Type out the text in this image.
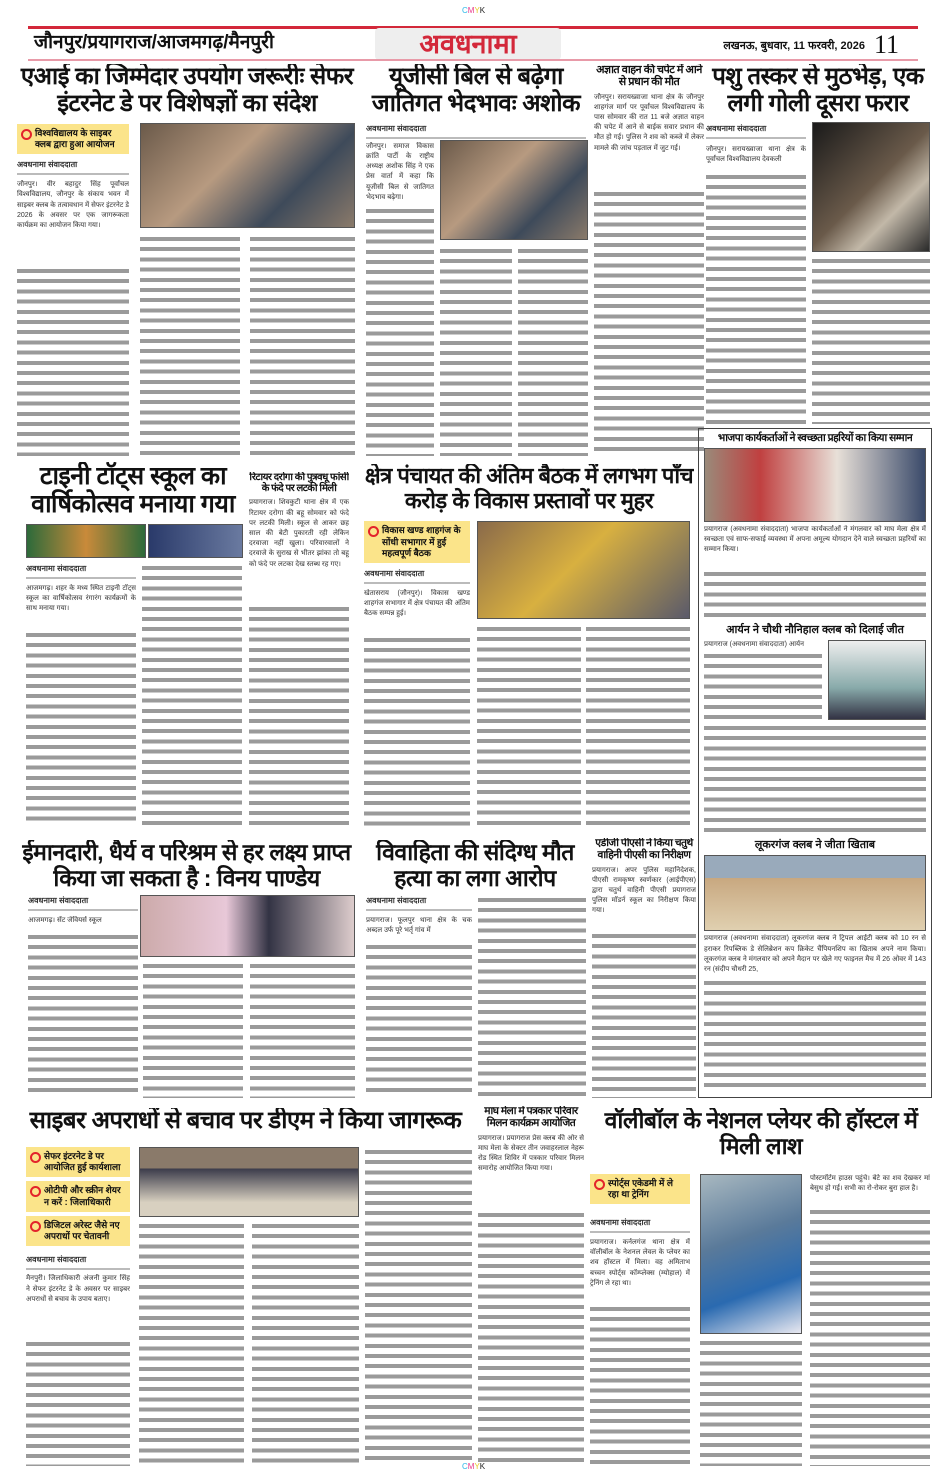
CMYK
जौनपुर/प्रयागराज/आजमगढ़/मैनपुरी	अवधनामा	लखनऊ, बुधवार, 11 फरवरी, 2026 11
एआई का जिम्मेदार उपयोग जरूरीः सेफर इंटरनेट डे पर विशेषज्ञों का संदेश
विश्वविद्यालय के साइबर क्लब द्वारा हुआ आयोजन
अवधनामा संवाददाता
जौनपुर। वीर बहादुर सिंह पूर्वांचल विश्वविद्यालय, जौनपुर के संकाय भवन में साइबर क्लब के तत्वावधान में सेफर इंटरनेट डे 2026 के अवसर पर एक जागरूकता कार्यक्रम का आयोजन किया गया।
यूजीसी बिल से बढ़ेगा जातिगत भेदभावः अशोक
अवधनामा संवाददाता
जौनपुर। समाज विकास क्रांति पार्टी के राष्ट्रीय अध्यक्ष अशोक सिंह ने एक प्रेस वार्ता में कहा कि यूजीसी बिल से जातिगत भेदभाव बढ़ेगा।
अज्ञात वाहन की चपेट में आने से प्रधान की मौत
जौनपुर। सरायख्वाजा थाना क्षेत्र के जौनपुर शाहगंज मार्ग पर पूर्वांचल विश्वविद्यालय के पास सोमवार की रात 11 बजे अज्ञात वाहन की चपेट में आने से बाईक सवार प्रधान की मौत हो गई। पुलिस ने शव को कब्जे में लेकर मामले की जांच पड़ताल में जुट गई।
पशु तस्कर से मुठभेड़, एक लगी गोली दूसरा फरार
अवधनामा संवाददाता
जौनपुर। सरायख्वाजा थाना क्षेत्र के पूर्वांचल विश्वविद्यालय देवकली
टाइनी टॉट्स स्कूल का वार्षिकोत्सव मनाया गया
अवधनामा संवाददाता
आजमगढ़। शहर के मध्य स्थित टाइनी टॉट्स स्कूल का वार्षिकोत्सव रंगारंग कार्यक्रमों के साथ मनाया गया।
रिटायर दरोगा की पुत्रवधू फांसी के फंदे पर लटकी मिली
प्रयागराज। शिवकुटी थाना क्षेत्र में एक रिटायर दरोगा की बहू सोमवार को फंदे पर लटकी मिली। स्कूल से आकर छह साल की बेटी पुकारती रही लेकिन दरवाजा नहीं खुला। परिवारवालों ने दरवाजे के सुराख से भीतर झांका तो बहू को फंदे पर लटका देख स्तब्ध रह गए।
क्षेत्र पंचायत की अंतिम बैठक में लगभग पाँच करोड़ के विकास प्रस्तावों पर मुहर
विकास खण्ड शाहगंज के सोंधी सभागार में हुई महत्वपूर्ण बैठक
अवधनामा संवाददाता
खेतासराय (जौनपुर)। विकास खण्ड शाहगंज सभागार में क्षेत्र पंचायत की अंतिम बैठक सम्पन्न हुई।
भाजपा कार्यकर्ताओं ने स्वच्छता प्रहरियों का किया सम्मान
प्रयागराज (अवधनामा संवाददाता) भाजपा कार्यकर्ताओं ने मंगलवार को माघ मेला क्षेत्र में स्वच्छता एवं साफ-सफाई व्यवस्था में अपना अमूल्य योगदान देने वाले स्वच्छता प्रहरियों का सम्मान किया।
आर्यन ने चौथी नौनिहाल क्लब को दिलाई जीत
प्रयागराज (अवधनामा संवाददाता) आर्यन
लूकरगंज क्लब ने जीता खिताब
प्रयागराज (अवधनामा संवाददाता) लूकरगंज क्लब ने ट्रिपल आईटी क्लब को 10 रन से हराकर रिपब्लिक डे सेलिब्रेशन कप क्रिकेट चैंपियनशिप का खिताब अपने नाम किया। लूकरगंज क्लब ने मंगलवार को अपने मैदान पर खेले गए फाइनल मैच में 26 ओवर में 143 रन (संदीप चौधरी 25,
ईमानदारी, धैर्य व परिश्रम से हर लक्ष्य प्राप्त किया जा सकता है : विनय पाण्डेय
अवधनामा संवाददाता
आजमगढ़। सेंट जेवियर्स स्कूल
विवाहिता की संदिग्ध मौत हत्या का लगा आरोप
अवधनामा संवाददाता
प्रयागराज। फूलपुर थाना क्षेत्र के चक अब्दल उर्फ पूरे भर्तृ गांव में
एडीजी पीएसी ने किया चतुर्थ वाहिनी पीएसी का निरीक्षण
प्रयागराज। अपर पुलिस महानिदेशक, पीएसी रामकृष्ण स्वर्णकार (आईपीएस) द्वारा चतुर्थ वाहिनी पीएसी प्रयागराज पुलिस मॉडर्न स्कूल का निरीक्षण किया गया।
साइबर अपराधों से बचाव पर डीएम ने किया जागरूक
सेफर इंटरनेट डे पर आयोजित हुई कार्यशाला
ओटीपी और स्क्रीन शेयर न करें : जिलाधिकारी
डिजिटल अरेस्ट जैसे नए अपराधों पर चेतावनी
अवधनामा संवाददाता
मैनपुरी। जिलाधिकारी अंजनी कुमार सिंह ने सेफर इंटरनेट डे के अवसर पर साइबर अपराधों से बचाव के उपाय बताए।
माघ मेला में पत्रकार परिवार मिलन कार्यक्रम आयोजित
प्रयागराज। प्रयागराज प्रेस क्लब की ओर से माघ मेला के सेक्टर तीन जवाहरलाल नेहरू रोड स्थित शिविर में पत्रकार परिवार मिलन समारोह आयोजित किया गया।
वॉलीबॉल के नेशनल प्लेयर की हॉस्टल में मिली लाश
स्पोर्ट्स एकेडमी में ले रहा था ट्रेनिंग
अवधनामा संवाददाता
प्रयागराज। कर्नलगंज थाना क्षेत्र में वॉलीबॉल के नेशनल लेवल के प्लेयर का शव हॉस्टल में मिला। वह अमिताभ बच्चन स्पोर्ट्स कॉम्प्लेक्स (म्योहाल) में ट्रेनिंग ले रहा था।
पोस्टमॉर्टम हाउस पहुंचे। बेटे का शव देखकर मां बेसुध हो गई। सभी का रो-रोकर बुरा हाल है।
CMYK
